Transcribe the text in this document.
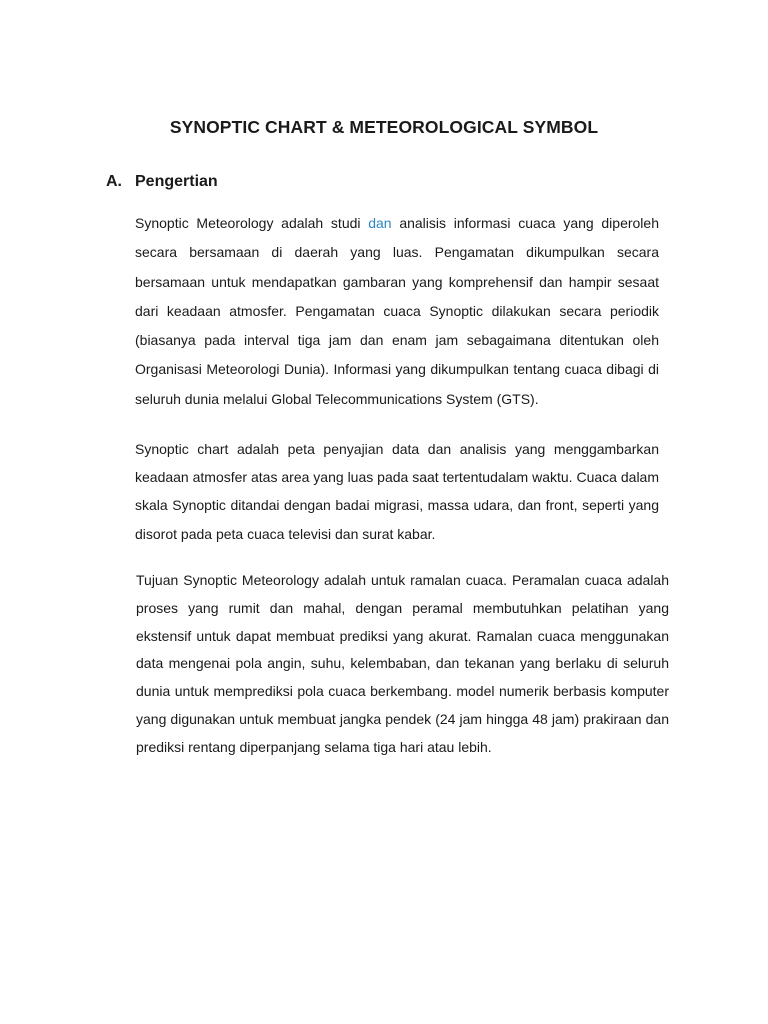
SYNOPTIC CHART & METEOROLOGICAL SYMBOL
A. Pengertian

Synoptic Meteorology adalah studi dan analisis informasi cuaca yang diperoleh secara bersamaan di daerah yang luas. Pengamatan dikumpulkan secara bersamaan untuk mendapatkan gambaran yang komprehensif dan hampir sesaat dari keadaan atmosfer. Pengamatan cuaca Synoptic dilakukan secara periodik (biasanya pada interval tiga jam dan enam jam sebagaimana ditentukan oleh Organisasi Meteorologi Dunia). Informasi yang dikumpulkan tentang cuaca dibagi di seluruh dunia melalui Global Telecommunications System (GTS).

Synoptic chart adalah peta penyajian data dan analisis yang menggambarkan keadaan atmosfer atas area yang luas pada saat tertentudalam waktu. Cuaca dalam skala Synoptic ditandai dengan badai migrasi, massa udara, dan front, seperti yang disorot pada peta cuaca televisi dan surat kabar.

Tujuan Synoptic Meteorology adalah untuk ramalan cuaca. Peramalan cuaca adalah proses yang rumit dan mahal, dengan peramal membutuhkan pelatihan yang ekstensif untuk dapat membuat prediksi yang akurat. Ramalan cuaca menggunakan data mengenai pola angin, suhu, kelembaban, dan tekanan yang berlaku di seluruh dunia untuk memprediksi pola cuaca berkembang. model numerik berbasis komputer yang digunakan untuk membuat jangka pendek (24 jam hingga 48 jam) prakiraan dan prediksi rentang diperpanjang selama tiga hari atau lebih.
